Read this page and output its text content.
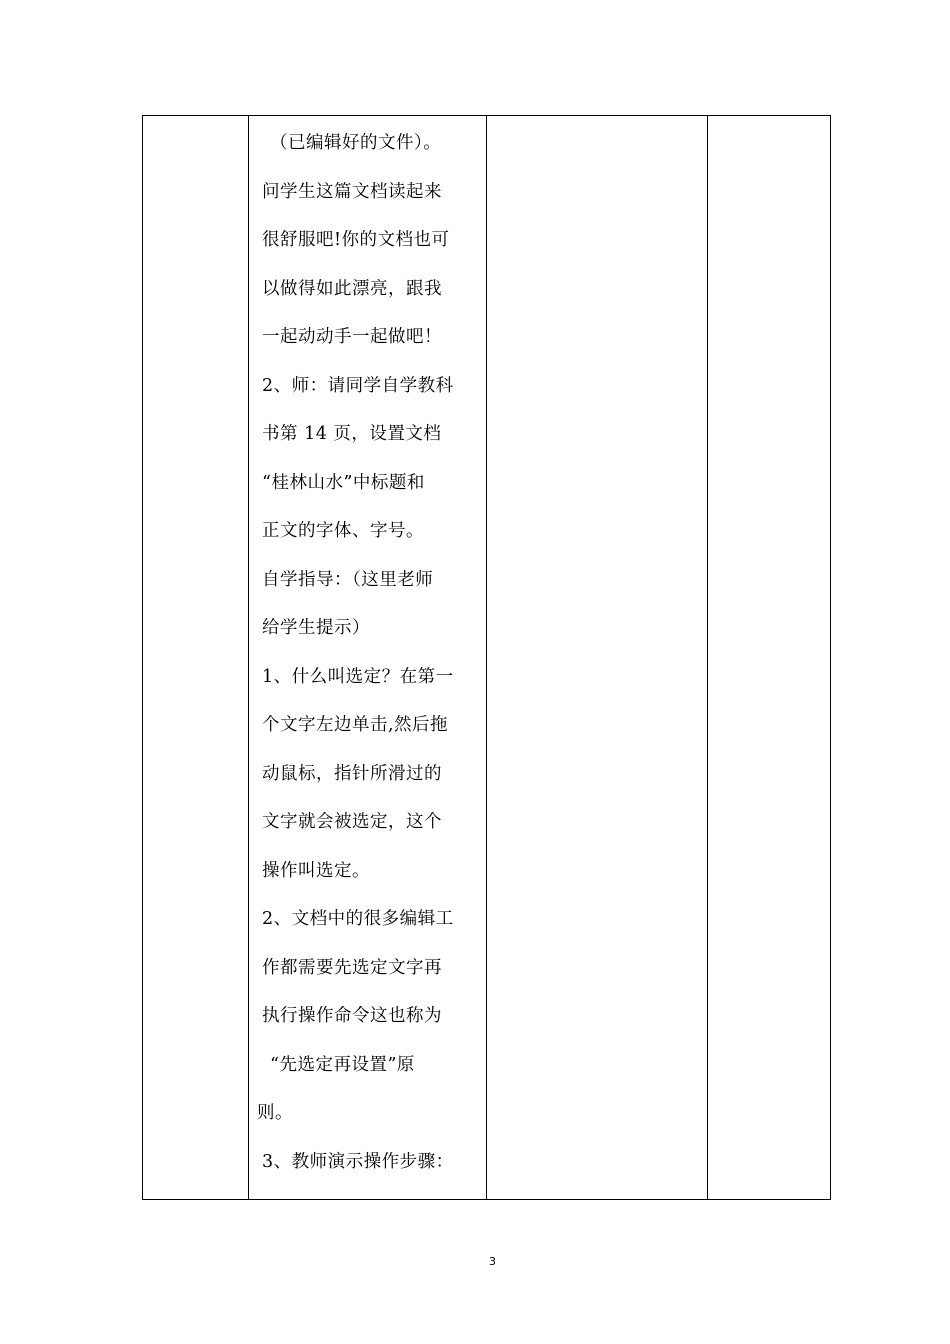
（已编辑好的文件）。
问学生这篇文档读起来
很舒服吧!你的文档也可
以做得如此漂亮，跟我
一起动动手一起做吧！
2、师：请同学自学教科
书第 14 页，设置文档
“桂林山水”中标题和
正文的字体、字号。
自学指导：（这里老师
给学生提示）
1、什么叫选定？在第一
个文字左边单击,然后拖
动鼠标，指针所滑过的
文字就会被选定，这个
操作叫选定。
2、文档中的很多编辑工
作都需要先选定文字再
执行操作命令这也称为
“先选定再设置”原
则。
3、教师演示操作步骤：

3
